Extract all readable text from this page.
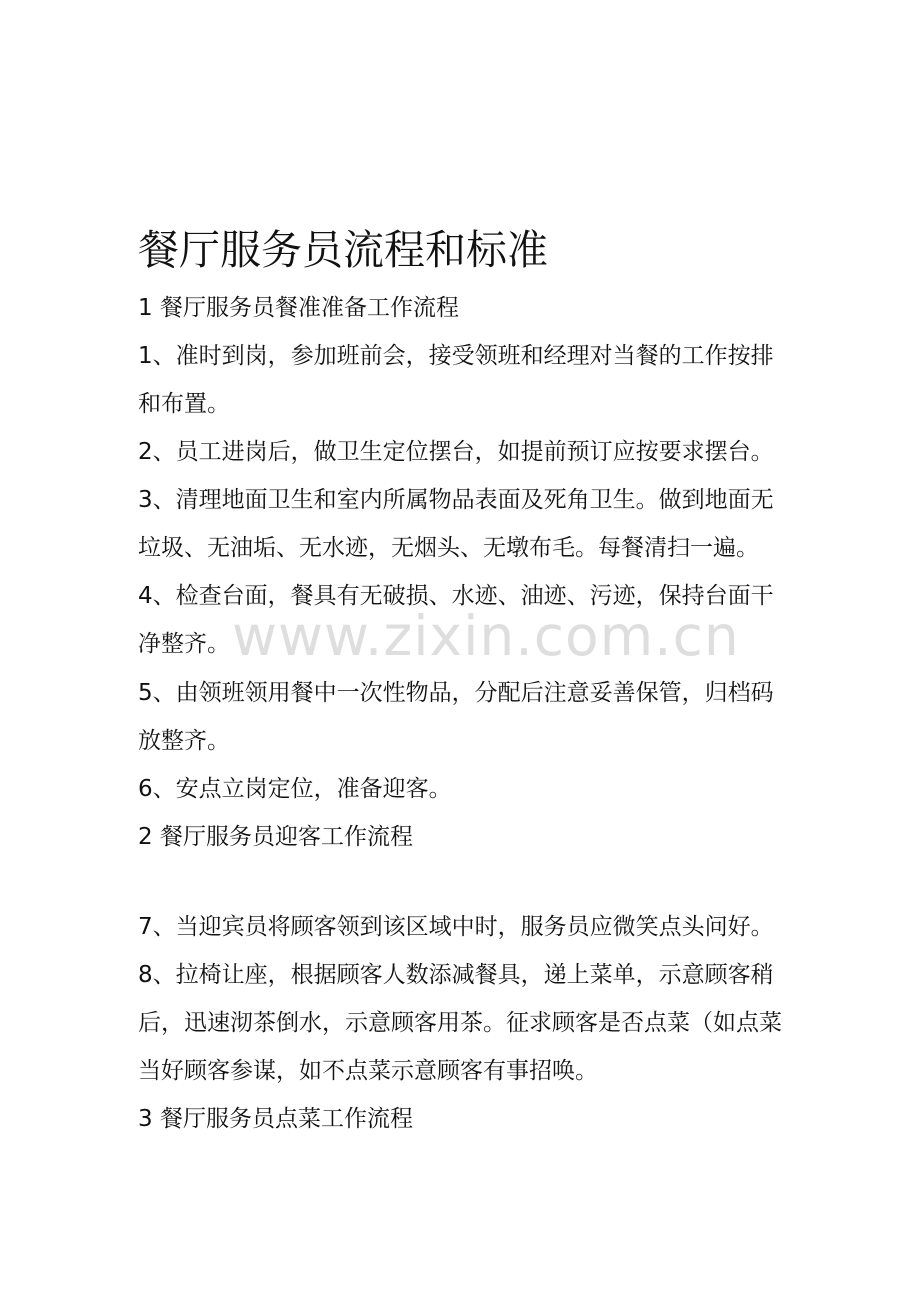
餐厅服务员流程和标准

1 餐厅服务员餐准准备工作流程

1、准时到岗，参加班前会，接受领班和经理对当餐的工作按排

和布置。

2、员工进岗后，做卫生定位摆台，如提前预订应按要求摆台。

3、清理地面卫生和室内所属物品表面及死角卫生。做到地面无

垃圾、无油垢、无水迹，无烟头、无墩布毛。每餐清扫一遍。

4、检查台面，餐具有无破损、水迹、油迹、污迹，保持台面干

净整齐。

5、由领班领用餐中一次性物品，分配后注意妥善保管，归档码

放整齐。

6、安点立岗定位，准备迎客。

2 餐厅服务员迎客工作流程

7、当迎宾员将顾客领到该区域中时，服务员应微笑点头问好。

8、拉椅让座，根据顾客人数添减餐具，递上菜单，示意顾客稍

后，迅速沏茶倒水，示意顾客用茶。征求顾客是否点菜（如点菜

当好顾客参谋，如不点菜示意顾客有事招唤。

3 餐厅服务员点菜工作流程

www.zixin.com.cn
